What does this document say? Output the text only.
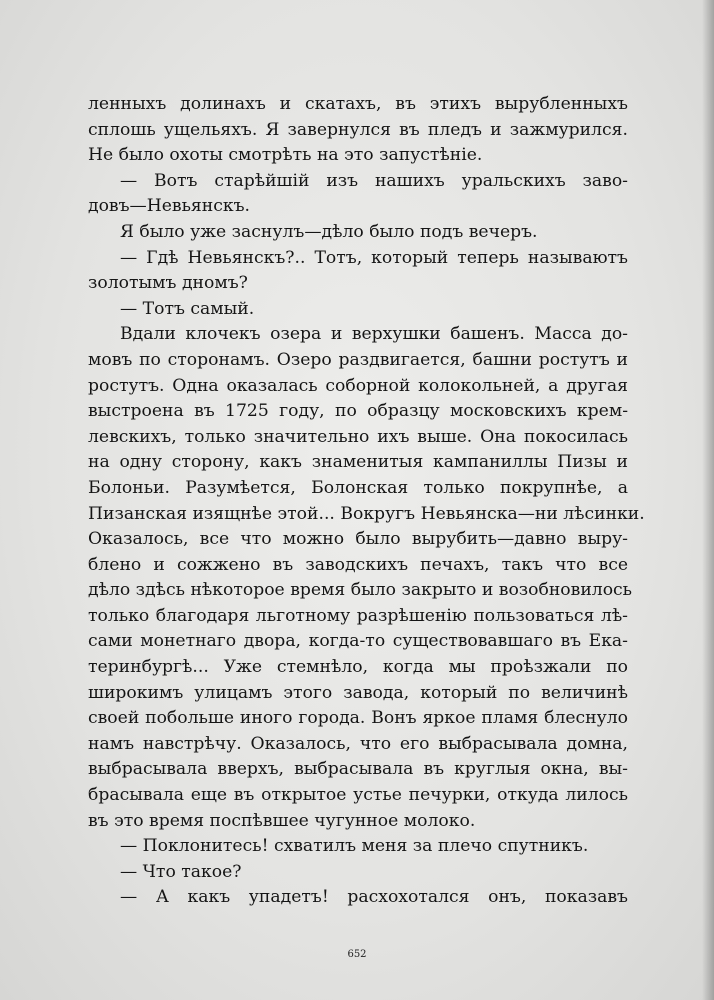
ленныхъ долинахъ и скатахъ, въ этихъ вырубленныхъ
сплошь ущельяхъ. Я завернулся въ пледъ и зажмурился.
Не было охоты смотрѣть на это запустѣніе.
— Вотъ старѣйшій изъ нашихъ уральскихъ заво-
довъ—Невьянскъ.
Я было уже заснулъ—дѣло было подъ вечеръ.
— Гдѣ Невьянскъ?.. Тотъ, который теперь называютъ
золотымъ дномъ?
— Тотъ самый.
Вдали клочекъ озера и верхушки башенъ. Масса до-
мовъ по сторонамъ. Озеро раздвигается, башни ростутъ и
ростутъ. Одна оказалась соборной колокольней, а другая
выстроена въ 1725 году, по образцу московскихъ крем-
левскихъ, только значительно ихъ выше. Она покосилась
на одну сторону, какъ знаменитыя кампаниллы Пизы и
Болоньи. Разумѣется, Болонская только покрупнѣе, а
Пизанская изящнѣе этой... Вокругъ Невьянска—ни лѣсинки.
Оказалось, все что можно было вырубить—давно выру-
блено и сожжено въ заводскихъ печахъ, такъ что все
дѣло здѣсь нѣкоторое время было закрыто и возобновилось
только благодаря льготному разрѣшенію пользоваться лѣ-
сами монетнаго двора, когда-то существовавшаго въ Ека-
теринбургѣ... Уже стемнѣло, когда мы проѣзжали по
широкимъ улицамъ этого завода, который по величинѣ
своей побольше иного города. Вонъ яркое пламя блеснуло
намъ навстрѣчу. Оказалось, что его выбрасывала домна,
выбрасывала вверхъ, выбрасывала въ круглыя окна, вы-
брасывала еще въ открытое устье печурки, откуда лилось
въ это время поспѣвшее чугунное молоко.
— Поклонитесь! схватилъ меня за плечо спутникъ.
— Что такое?
— А какъ упадетъ! расхохотался онъ, показавъ
652
